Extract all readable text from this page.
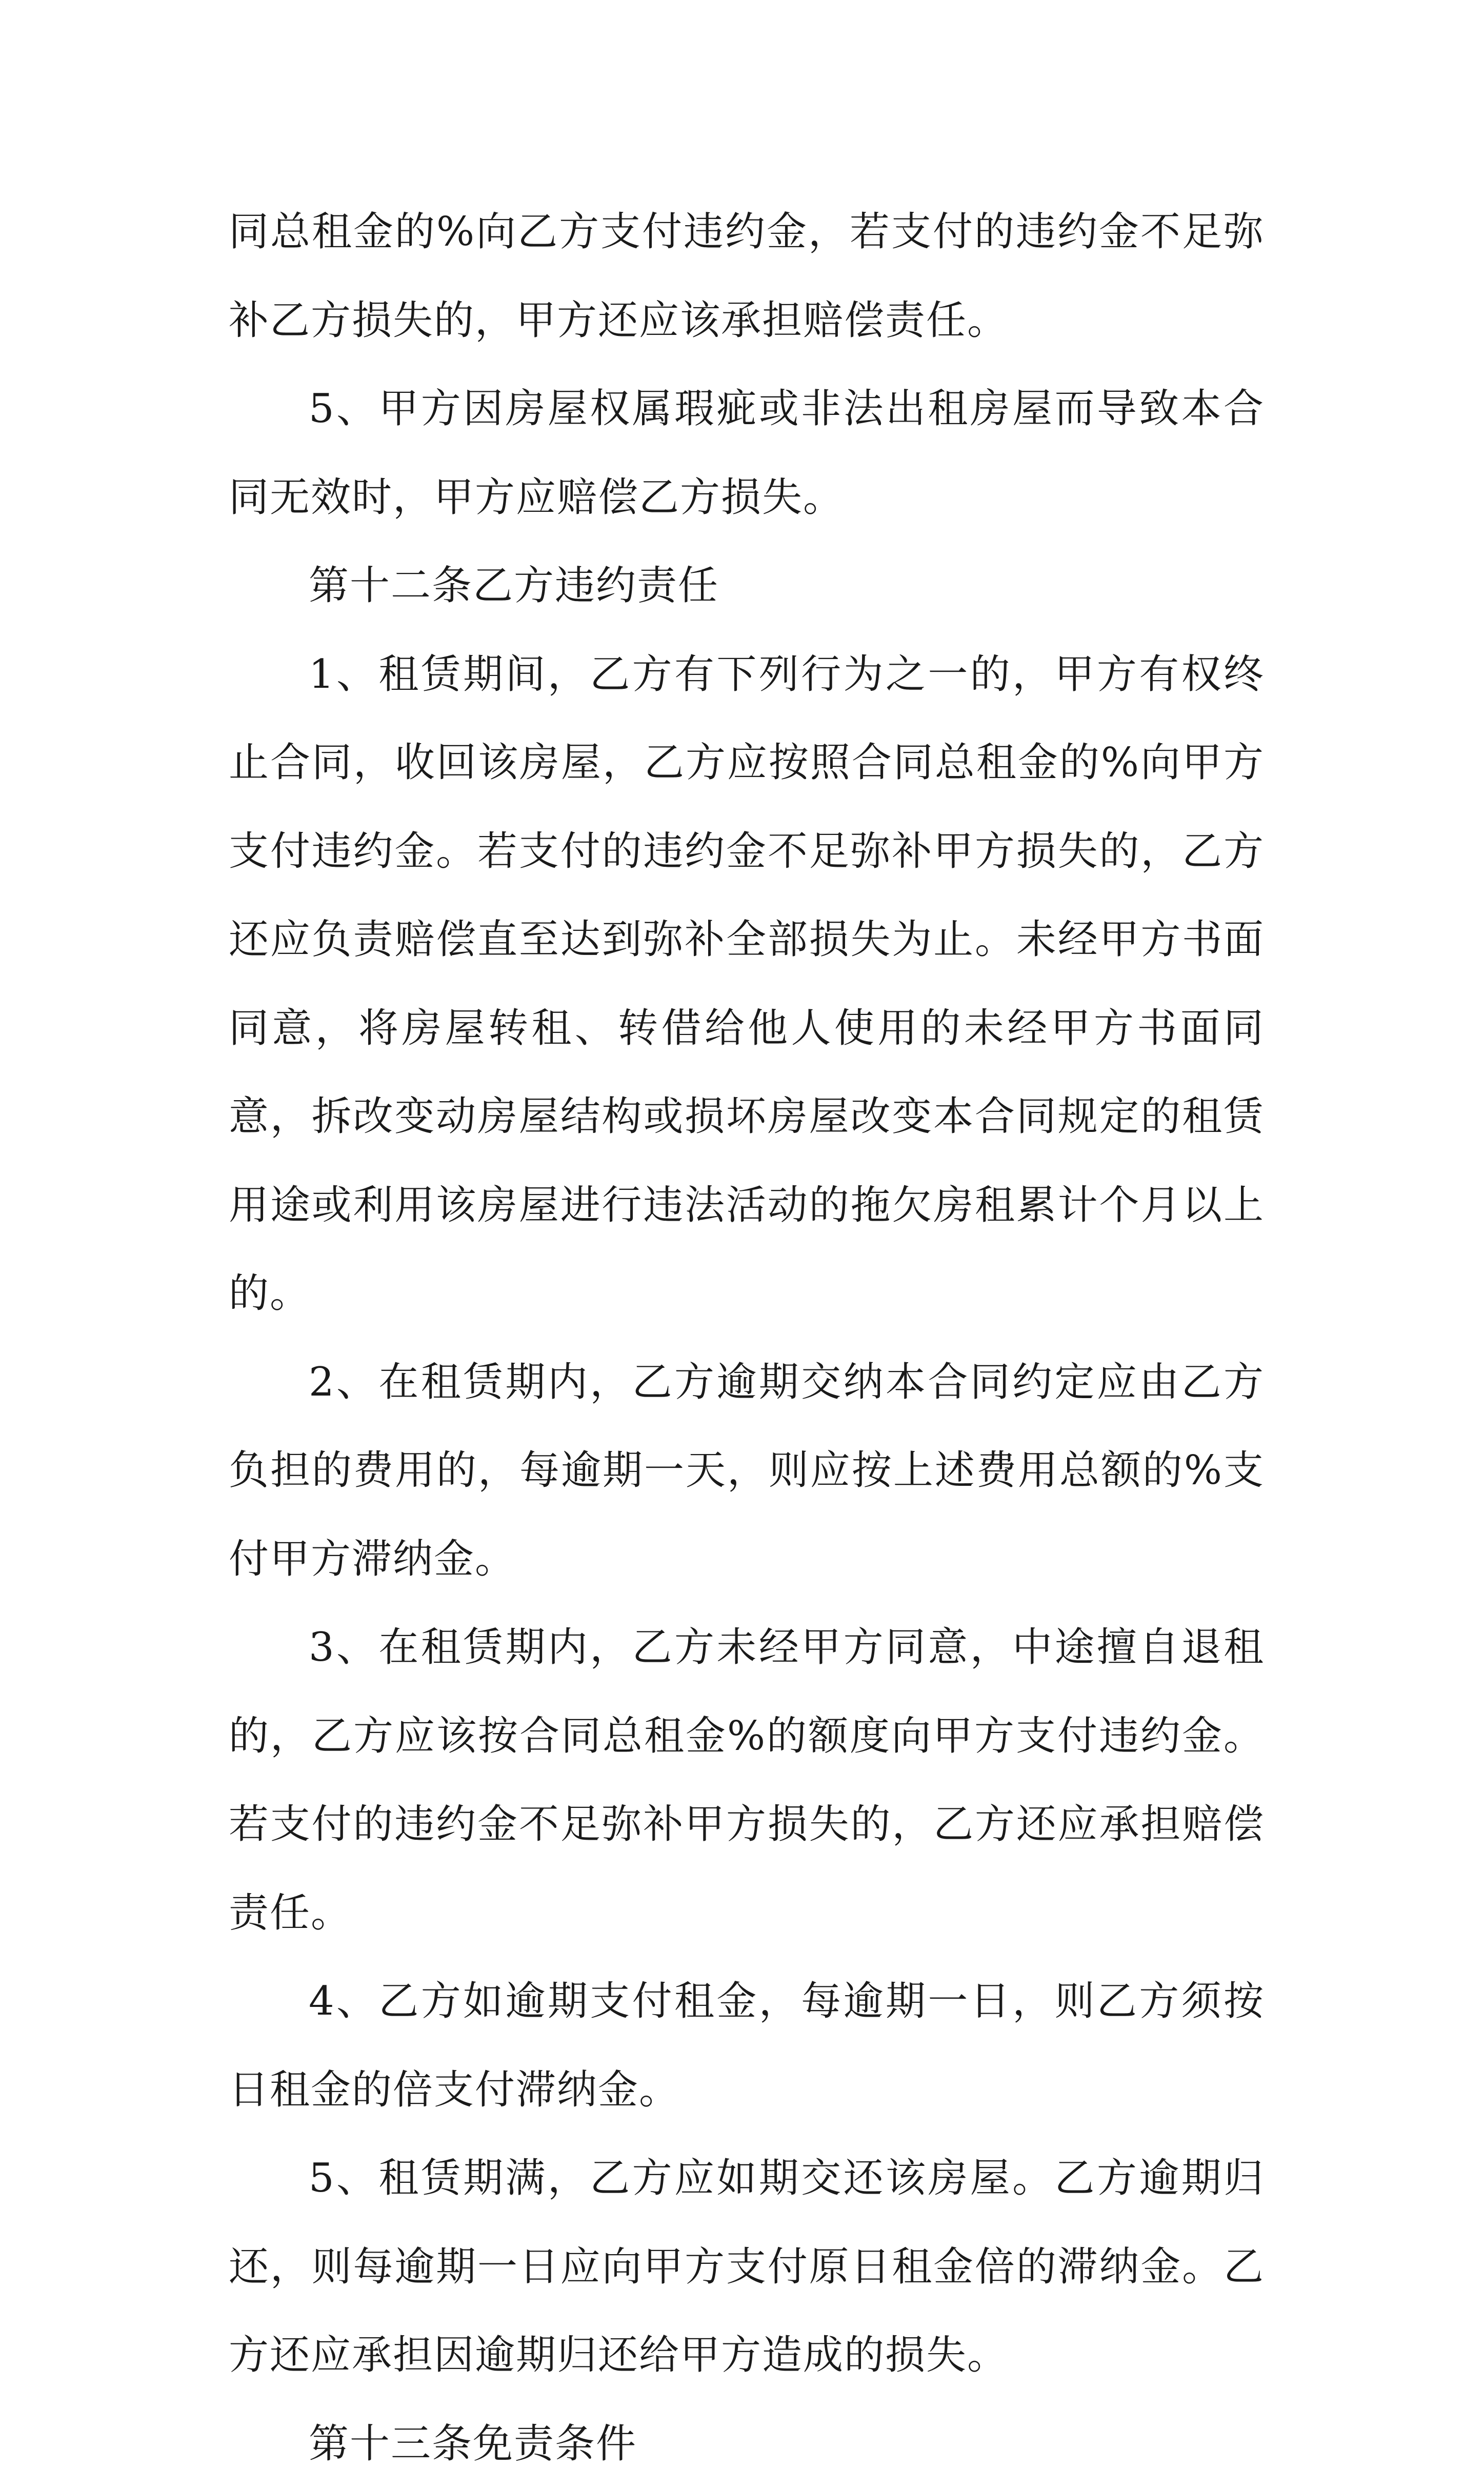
同总租金的%向乙方支付违约金，若支付的违约金不足弥补乙方损失的，甲方还应该承担赔偿责任。

5、甲方因房屋权属瑕疵或非法出租房屋而导致本合同无效时，甲方应赔偿乙方损失。

第十二条乙方违约责任

1、租赁期间，乙方有下列行为之一的，甲方有权终止合同，收回该房屋，乙方应按照合同总租金的%向甲方支付违约金。若支付的违约金不足弥补甲方损失的，乙方还应负责赔偿直至达到弥补全部损失为止。未经甲方书面同意，将房屋转租、转借给他人使用的未经甲方书面同意，拆改变动房屋结构或损坏房屋改变本合同规定的租赁用途或利用该房屋进行违法活动的拖欠房租累计个月以上的。

2、在租赁期内，乙方逾期交纳本合同约定应由乙方负担的费用的，每逾期一天，则应按上述费用总额的%支付甲方滞纳金。

3、在租赁期内，乙方未经甲方同意，中途擅自退租的，乙方应该按合同总租金%的额度向甲方支付违约金。若支付的违约金不足弥补甲方损失的，乙方还应承担赔偿责任。

4、乙方如逾期支付租金，每逾期一日，则乙方须按日租金的倍支付滞纳金。

5、租赁期满，乙方应如期交还该房屋。乙方逾期归还，则每逾期一日应向甲方支付原日租金倍的滞纳金。乙方还应承担因逾期归还给甲方造成的损失。

第十三条免责条件
